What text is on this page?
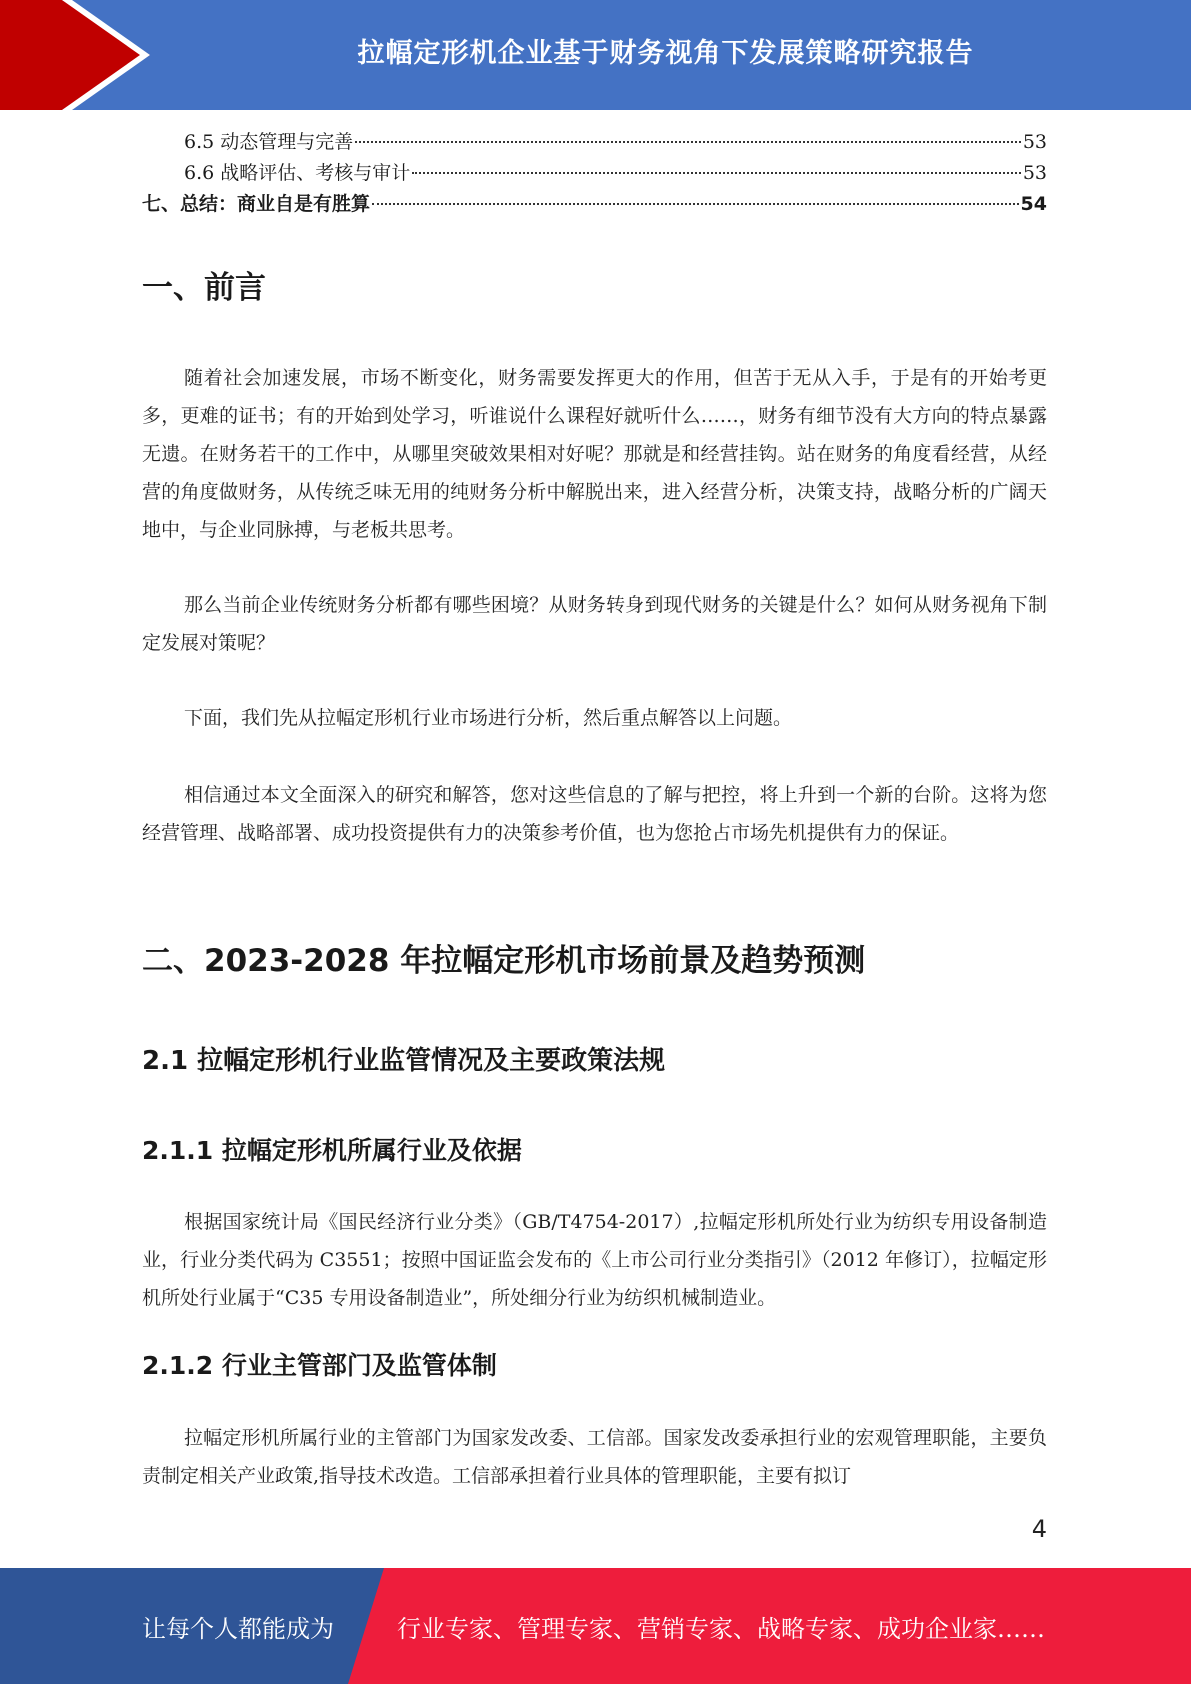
拉幅定形机企业基于财务视角下发展策略研究报告
6.5 动态管理与完善	53
6.6 战略评估、考核与审计	53
七、总结：商业自是有胜算	54
一、前言

随着社会加速发展，市场不断变化，财务需要发挥更大的作用，但苦于无从入手，于是有的开始考更多，更难的证书；有的开始到处学习，听谁说什么课程好就听什么……，财务有细节没有大方向的特点暴露无遗。在财务若干的工作中，从哪里突破效果相对好呢？那就是和经营挂钩。站在财务的角度看经营，从经营的角度做财务，从传统乏味无用的纯财务分析中解脱出来，进入经营分析，决策支持，战略分析的广阔天地中，与企业同脉搏，与老板共思考。

那么当前企业传统财务分析都有哪些困境？从财务转身到现代财务的关键是什么？如何从财务视角下制定发展对策呢？

下面，我们先从拉幅定形机行业市场进行分析，然后重点解答以上问题。

相信通过本文全面深入的研究和解答，您对这些信息的了解与把控，将上升到一个新的台阶。这将为您经营管理、战略部署、成功投资提供有力的决策参考价值，也为您抢占市场先机提供有力的保证。

二、2023-2028 年拉幅定形机市场前景及趋势预测
2.1 拉幅定形机行业监管情况及主要政策法规
2.1.1 拉幅定形机所属行业及依据

根据国家统计局《国民经济行业分类》（GB/T4754-2017）,拉幅定形机所处行业为纺织专用设备制造业，行业分类代码为 C3551；按照中国证监会发布的《上市公司行业分类指引》（2012 年修订），拉幅定形机所处行业属于“C35 专用设备制造业”，所处细分行业为纺织机械制造业。

2.1.2 行业主管部门及监管体制

拉幅定形机所属行业的主管部门为国家发改委、工信部。国家发改委承担行业的宏观管理职能，主要负责制定相关产业政策,指导技术改造。工信部承担着行业具体的管理职能，主要有拟订

4
让每个人都能成为	行业专家、管理专家、营销专家、战略专家、成功企业家……
